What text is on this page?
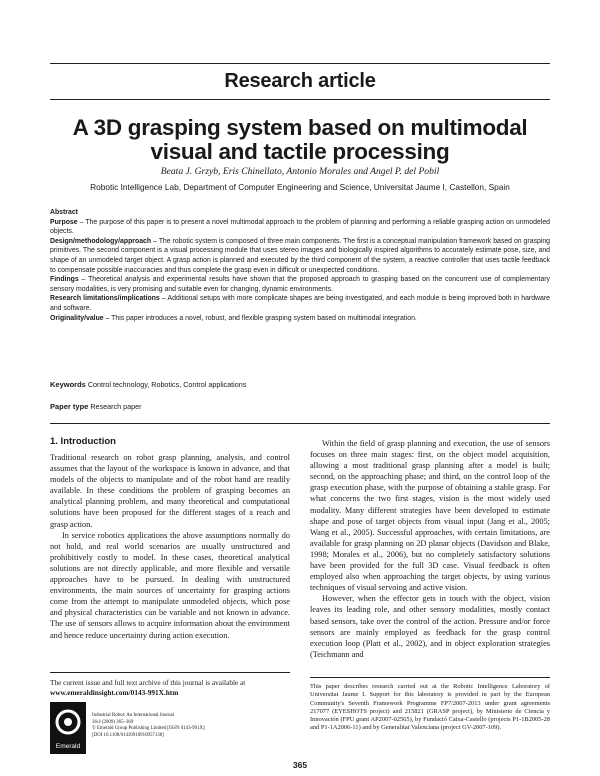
Research article
A 3D grasping system based on multimodal visual and tactile processing
Beata J. Grzyb, Eris Chinellato, Antonio Morales and Angel P. del Pobil
Robotic Intelligence Lab, Department of Computer Engineering and Science, Universitat Jaume I, Castellon, Spain

Abstract

Purpose – The purpose of this paper is to present a novel multimodal approach to the problem of planning and performing a reliable grasping action on unmodeled objects.

Design/methodology/approach – The robotic system is composed of three main components. The first is a conceptual manipulation framework based on grasping primitives. The second component is a visual processing module that uses stereo images and biologically inspired algorithms to accurately estimate pose, size, and shape of an unmodeled target object. A grasp action is planned and executed by the third component of the system, a reactive controller that uses tactile feedback to compensate possible inaccuracies and thus complete the grasp even in difficult or unexpected conditions.

Findings – Theoretical analysis and experimental results have shown that the proposed approach to grasping based on the concurrent use of complementary sensory modalities, is very promising and suitable even for changing, dynamic environments.

Research limitations/implications – Additional setups with more complicate shapes are being investigated, and each module is being improved both in hardware and software.

Originality/value – This paper introduces a novel, robust, and flexible grasping system based on multimodal integration.

Keywords Control technology, Robotics, Control applications
Paper type Research paper
1. Introduction

Traditional research on robot grasp planning, analysis, and control assumes that the layout of the workspace is known in advance, and that models of the objects to manipulate and of the robot hand are readily available. In these conditions the problem of grasping becomes an analytical planning problem, and many theoretical and computational solutions have been proposed for the different stages of a reach and grasp action.

In service robotics applications the above assumptions normally do not hold, and real world scenarios are usually unstructured and prohibitively costly to model. In these cases, theoretical analytical solutions are not directly applicable, and more flexible and versatile approaches have to be pursued. In dealing with unstructured environments, the main sources of uncertainty for grasping actions come from the attempt to manipulate unmodeled objects, which pose and physical characteristics can be variable and not known in advance. The use of sensors allows to acquire information about the environment and hence reduce uncertainty during action execution.

Within the field of grasp planning and execution, the use of sensors focuses on three main stages: first, on the object model acquisition, allowing a most traditional grasp planning after a model is built; second, on the approaching phase; and third, on the control loop of the grasp execution phase, with the purpose of obtaining a stable grasp. For what concerns the two first stages, vision is the most widely used modality. Many different strategies have been developed to estimate shape and pose of target objects from visual input (Jang et al., 2005; Wang et al., 2005). Successful approaches, with certain limitations, are available for grasp planning on 2D planar objects (Davidson and Blake, 1998; Morales et al., 2006), but no completely satisfactory solutions have been provided for the full 3D case. Visual feedback is often employed also when approaching the target objects, by using various techniques of visual servoing and active vision.

However, when the effector gets in touch with the object, vision leaves its leading role, and other sensory modalities, mostly contact based sensors, take over the control of the action. Pressure and/or force sensors are mainly employed as feedback for the grasp control execution loop (Platt et al., 2002), and in object exploration strategies (Teichmann and

The current issue and full text archive of this journal is available at
www.emeraldinsight.com/0143-991X.htm
Emerald
Industrial Robot: An International Journal
36/4 (2009) 365–369
© Emerald Group Publishing Limited [ISSN 0143-991X]
[DOI 10.1108/01439910910957138]
This paper describes research carried out at the Robotic Intelligence Laboratory of Universitat Jaume I. Support for this laboratory is provided in part by the European Community's Seventh Framework Programme FP7/2007-2013 under grant agreements 217077 (EYESHOTS project) and 215821 (GRASP project), by Ministerio de Ciencia y Innovación (FPU grant AP2007-02565), by Fundació Caixa-Castello (projects P1-1B2005-28 and P1-1A2006-11) and by Generalitat Valenciana (project GV-2007-109).
365
